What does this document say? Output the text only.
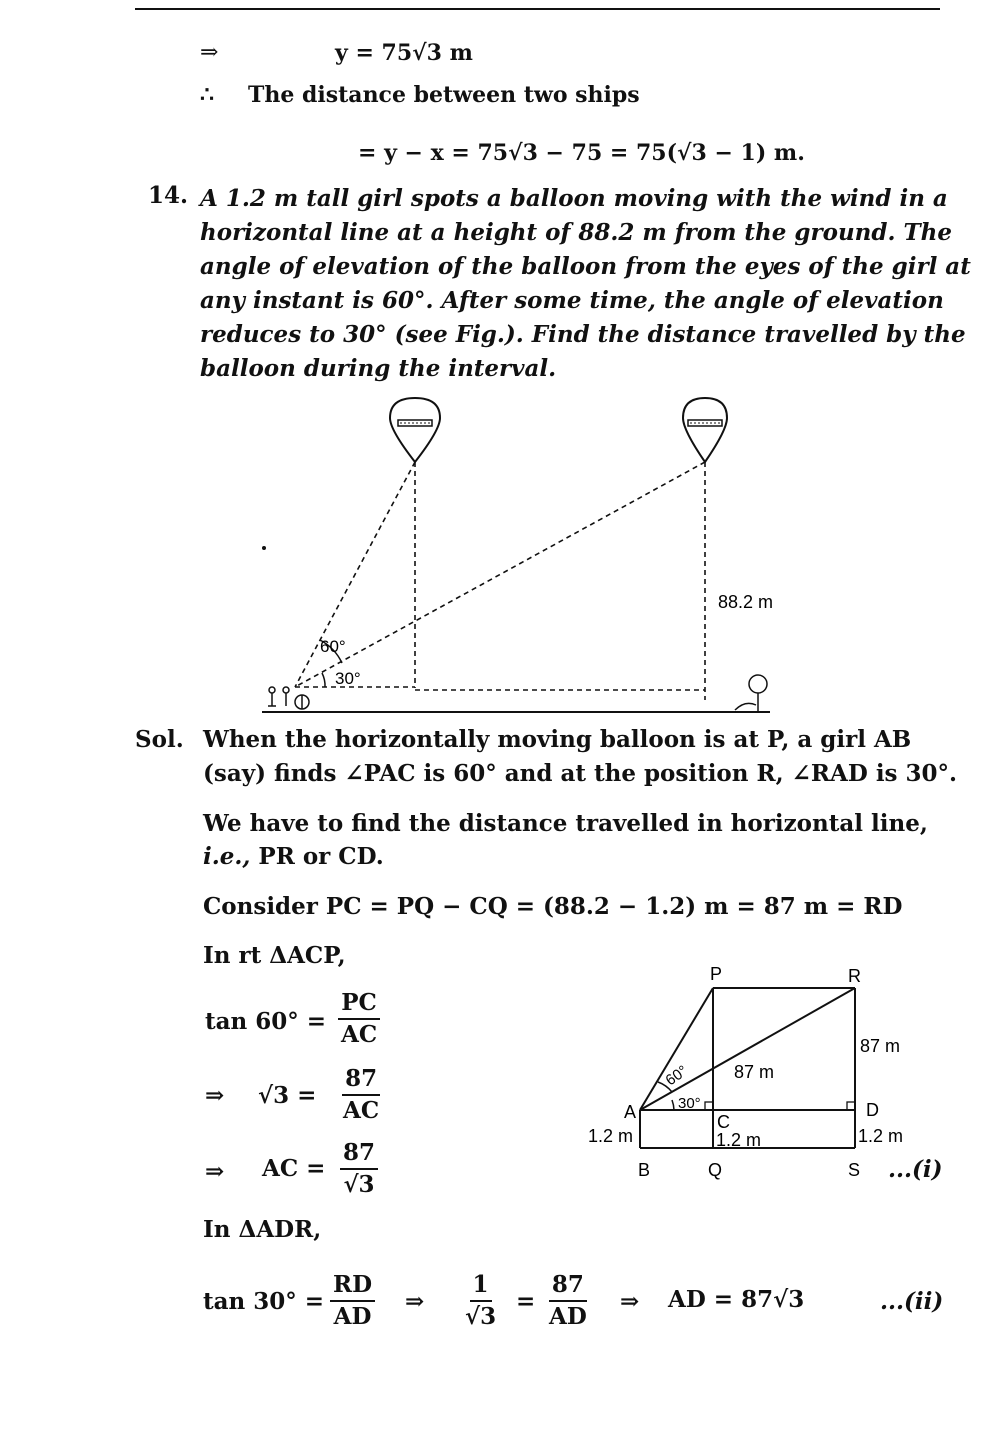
⇒	y = 75√3 m
∴ The distance between two ships
= y − x = 75√3 − 75 = 75(√3 − 1) m.
14. A 1.2 m tall girl spots a balloon moving with the wind in a
horizontal line at a height of 88.2 m from the ground. The
angle of elevation of the balloon from the eyes of the girl at
any instant is 60°. After some time, the angle of elevation
reduces to 30° (see Fig.). Find the distance travelled by the
balloon during the interval.
60°
30°
88.2 m
Sol. When the horizontally moving balloon is at P, a girl AB
(say) finds ∠PAC is 60° and at the position R, ∠RAD is 30°.
We have to find the distance travelled in horizontal line,
i.e., PR or CD.
Consider PC = PQ − CQ = (88.2 − 1.2) m = 87 m = RD
In rt ΔACP,
$\tan 60^\circ = \frac{PC}{AC}$
⇒ $√3 = \frac{87}{AC}$
⇒ AC = $\frac{87}{√3}$
In ΔADR,
$\tan 30^\circ = \frac{RD}{AD}$ ⇒ $\frac{1}{√3} = \frac{87}{AD}$ ⇒ AD = 87√3	...(ii)
P	R
A
B
C
D
Q	S
87 m
87 m
1.2 m	1.2 m	1.2 m
60°
30°
...(i)
